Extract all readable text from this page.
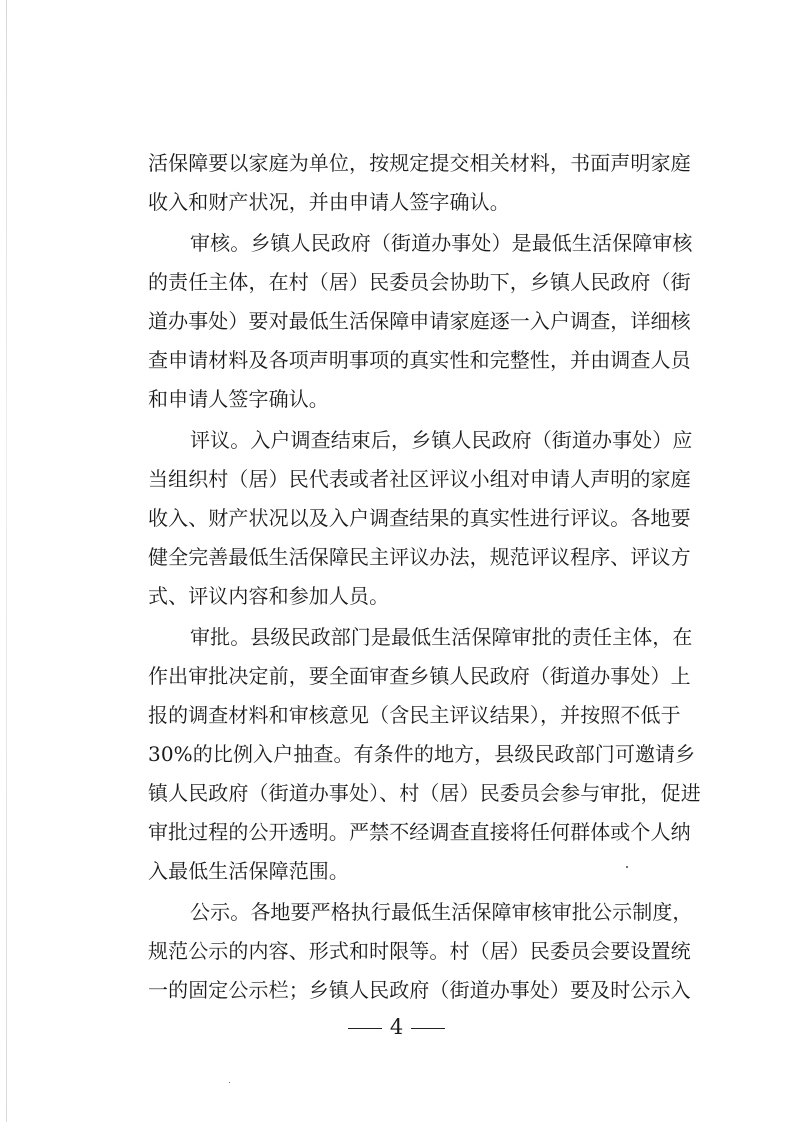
活保障要以家庭为单位，按规定提交相关材料，书面声明家庭
收入和财产状况，并由申请人签字确认。
审核。乡镇人民政府（街道办事处）是最低生活保障审核
的责任主体，在村（居）民委员会协助下，乡镇人民政府（街
道办事处）要对最低生活保障申请家庭逐一入户调查，详细核
查申请材料及各项声明事项的真实性和完整性，并由调查人员
和申请人签字确认。
评议。入户调查结束后，乡镇人民政府（街道办事处）应
当组织村（居）民代表或者社区评议小组对申请人声明的家庭
收入、财产状况以及入户调查结果的真实性进行评议。各地要
健全完善最低生活保障民主评议办法，规范评议程序、评议方
式、评议内容和参加人员。
审批。县级民政部门是最低生活保障审批的责任主体，在
作出审批决定前，要全面审查乡镇人民政府（街道办事处）上
报的调查材料和审核意见（含民主评议结果），并按照不低于
30%的比例入户抽查。有条件的地方，县级民政部门可邀请乡
镇人民政府（街道办事处）、村（居）民委员会参与审批，促进
审批过程的公开透明。严禁不经调查直接将任何群体或个人纳
入最低生活保障范围。
公示。各地要严格执行最低生活保障审核审批公示制度，
规范公示的内容、形式和时限等。村（居）民委员会要设置统
一的固定公示栏；乡镇人民政府（街道办事处）要及时公示入
4
